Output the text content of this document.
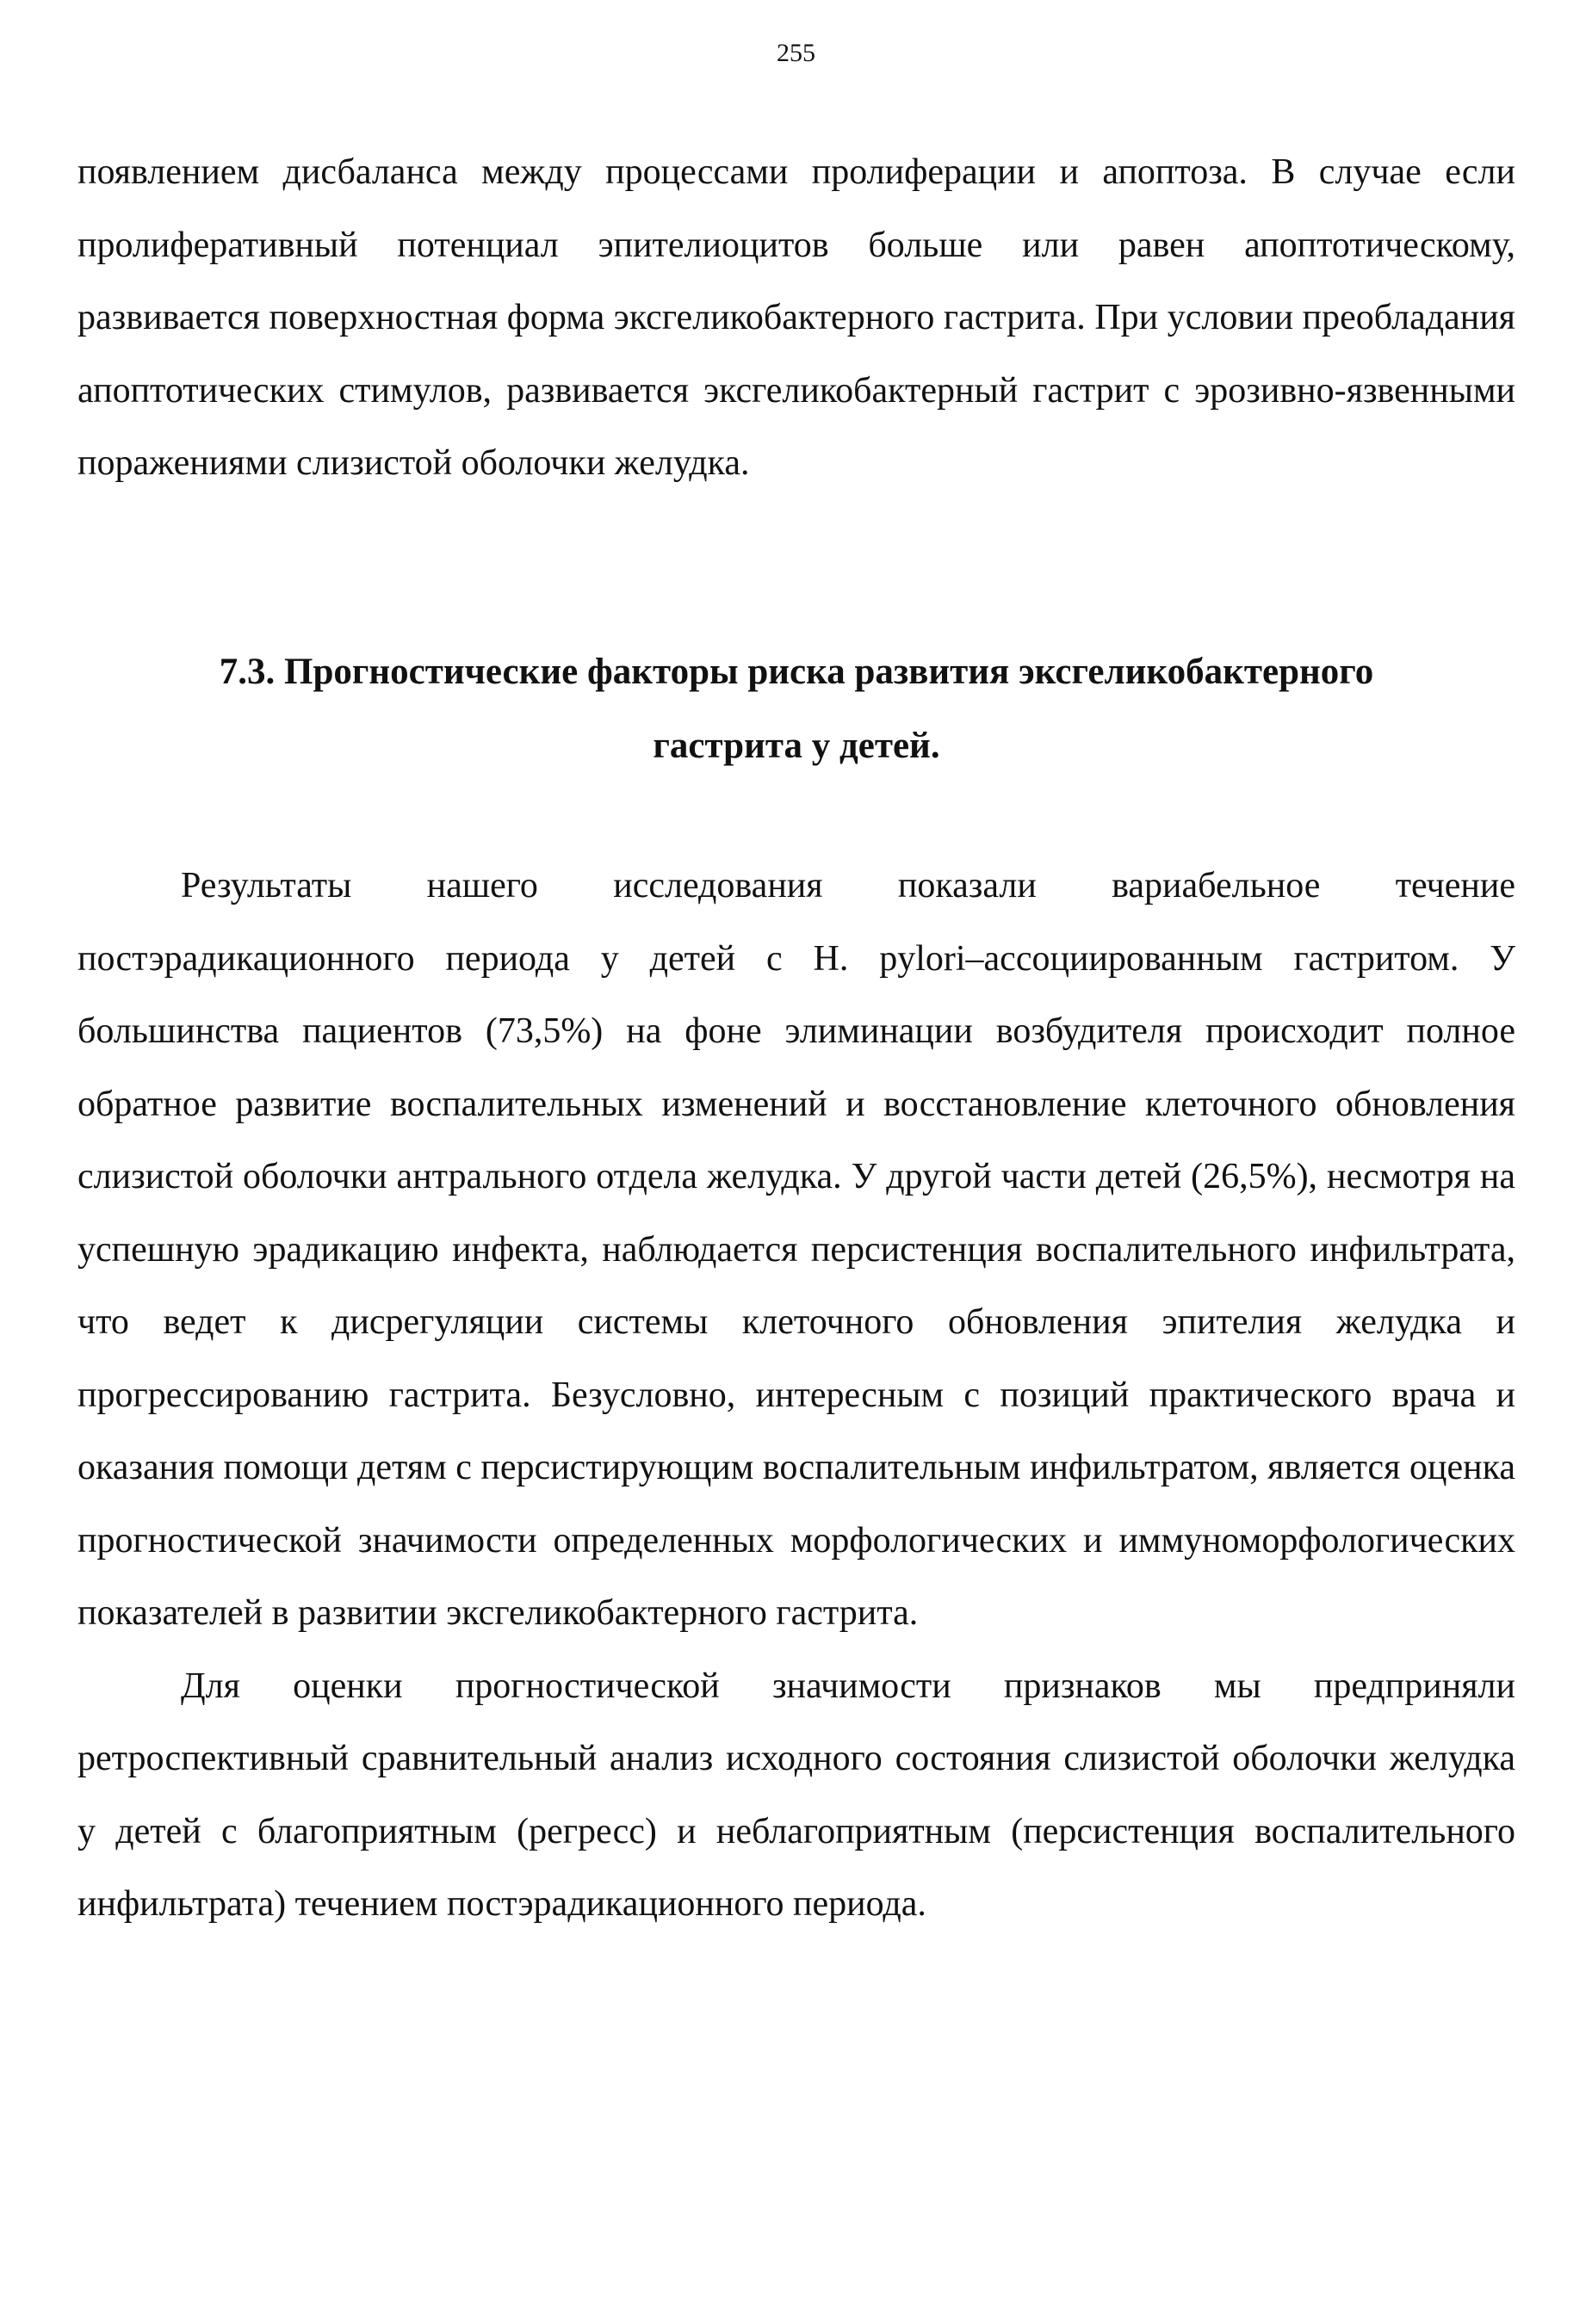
255

появлением дисбаланса между процессами пролиферации и апоптоза. В случае если пролиферативный потенциал эпителиоцитов больше или равен апоптотическому, развивается поверхностная форма эксгеликобактерного гастрита. При условии преобладания апоптотических стимулов, развивается эксгеликобактерный гастрит с эрозивно-язвенными поражениями слизистой оболочки желудка.

7.3. Прогностические факторы риска развития эксгеликобактерного
гастрита у детей.

Результаты нашего исследования показали вариабельное течение постэрадикационного периода у детей с H. pylori–ассоциированным гастритом. У большинства пациентов (73,5%) на фоне элиминации возбудителя происходит полное обратное развитие воспалительных изменений и восстановление клеточного обновления слизистой оболочки антрального отдела желудка. У другой части детей (26,5%), несмотря на успешную эрадикацию инфекта, наблюдается персистенция воспалительного инфильтрата, что ведет к дисрегуляции системы клеточного обновления эпителия желудка и прогрессированию гастрита. Безусловно, интересным с позиций практического врача и оказания помощи детям с персистирующим воспалительным инфильтратом, является оценка прогностической значимости определенных морфологических и иммуноморфологических показателей в развитии эксгеликобактерного гастрита.

Для оценки прогностической значимости признаков мы предприняли ретроспективный сравнительный анализ исходного состояния слизистой оболочки желудка у детей с благоприятным (регресс) и неблагоприятным (персистенция воспалительного инфильтрата) течением постэрадикационного периода.
